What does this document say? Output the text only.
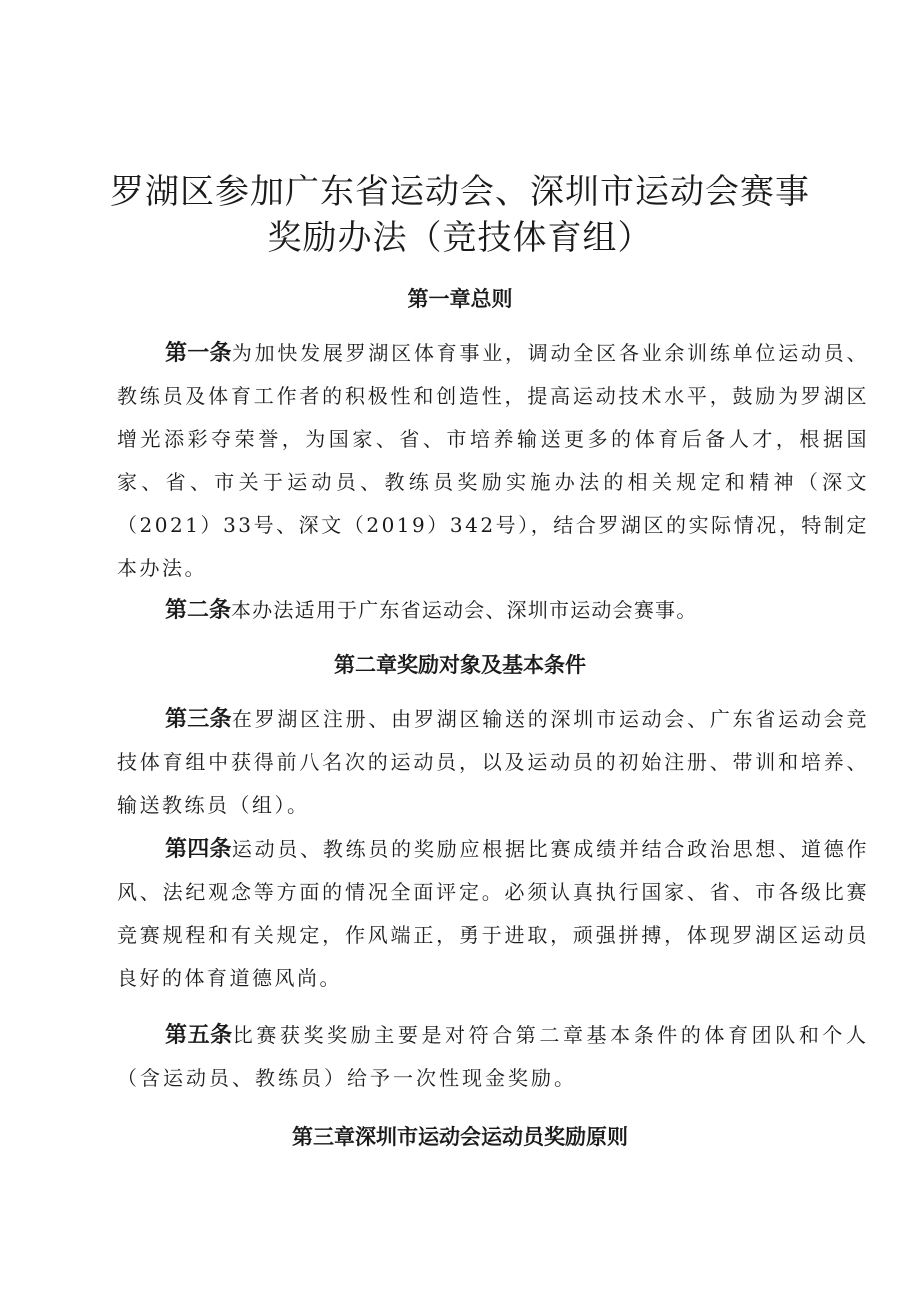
罗湖区参加广东省运动会、深圳市运动会赛事
奖励办法（竞技体育组）
第一章总则

第一条为加快发展罗湖区体育事业，调动全区各业余训练单位运动员、教练员及体育工作者的积极性和创造性，提高运动技术水平，鼓励为罗湖区增光添彩夺荣誉，为国家、省、市培养输送更多的体育后备人才，根据国家、省、市关于运动员、教练员奖励实施办法的相关规定和精神（深文（2021）33号、深文（2019）342号），结合罗湖区的实际情况，特制定本办法。

第二条本办法适用于广东省运动会、深圳市运动会赛事。

第二章奖励对象及基本条件

第三条在罗湖区注册、由罗湖区输送的深圳市运动会、广东省运动会竞技体育组中获得前八名次的运动员，以及运动员的初始注册、带训和培养、输送教练员（组）。

第四条运动员、教练员的奖励应根据比赛成绩并结合政治思想、道德作风、法纪观念等方面的情况全面评定。必须认真执行国家、省、市各级比赛竞赛规程和有关规定，作风端正，勇于进取，顽强拼搏，体现罗湖区运动员良好的体育道德风尚。

第五条比赛获奖奖励主要是对符合第二章基本条件的体育团队和个人（含运动员、教练员）给予一次性现金奖励。

第三章深圳市运动会运动员奖励原则
